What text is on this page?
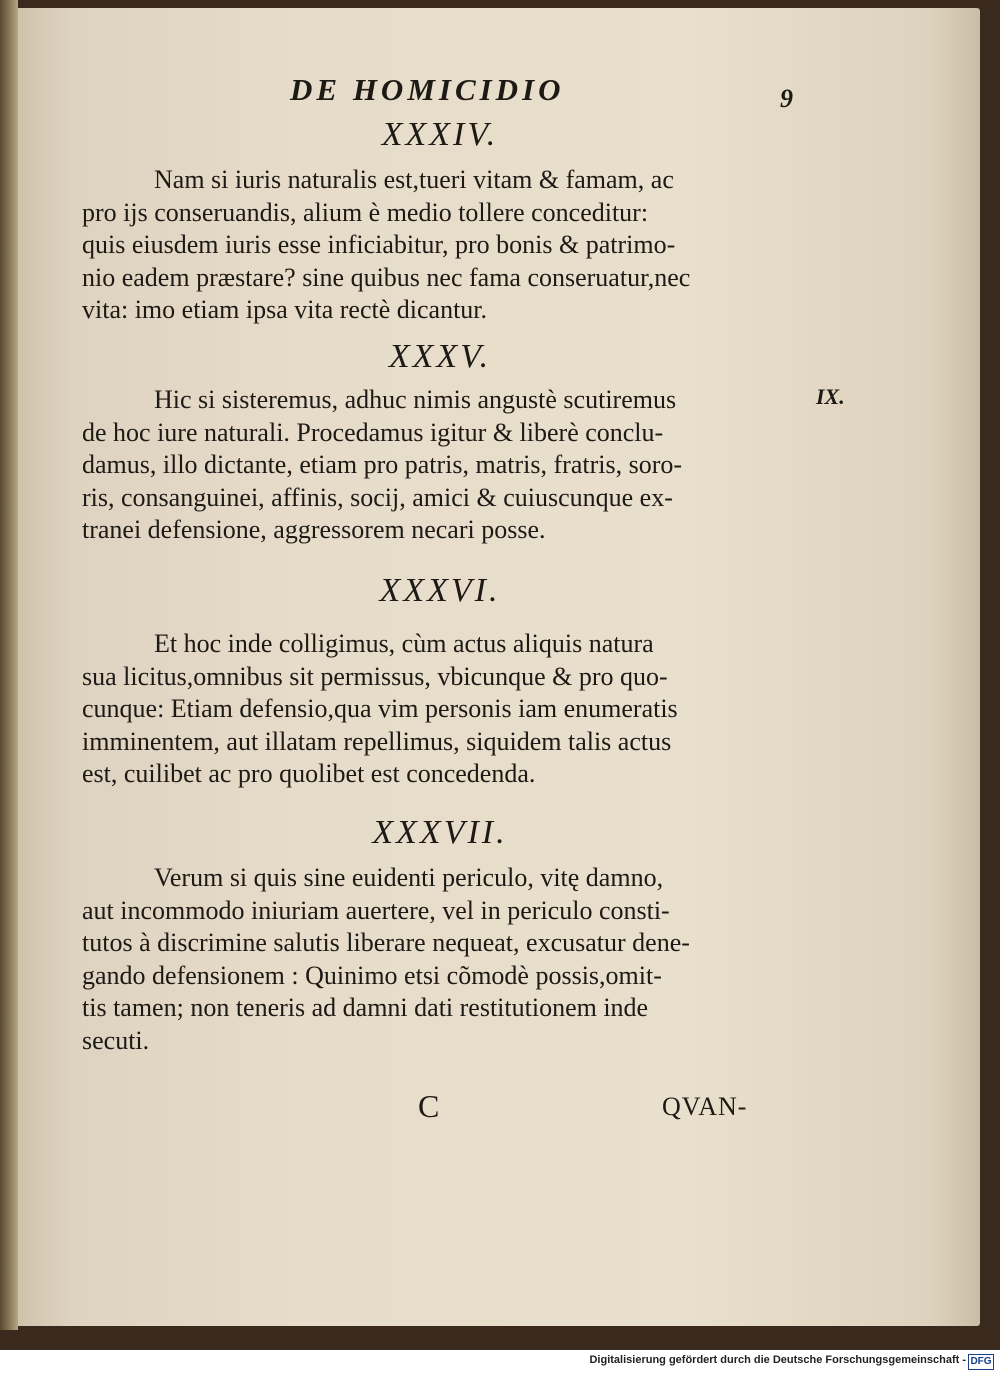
DE HOMICIDIO	9
IX.
XXXIV.
Nam si iuris naturalis est,tueri vitam & famam, ac
pro ijs conseruandis, alium è medio tollere conceditur:
quis eiusdem iuris esse inficiabitur, pro bonis & patrimo-
nio eadem præstare? sine quibus nec fama conseruatur,nec
vita: imo etiam ipsa vita rectè dicantur.
XXXV.
Hic si sisteremus, adhuc nimis angustè scutiremus
de hoc iure naturali. Procedamus igitur & liberè conclu-
damus, illo dictante, etiam pro patris, matris, fratris, soro-
ris, consanguinei, affinis, socij, amici & cuiuscunque ex-
tranei defensione, aggressorem necari posse.
XXXVI.
Et hoc inde colligimus, cùm actus aliquis natura
sua licitus,omnibus sit permissus, vbicunque & pro quo-
cunque: Etiam defensio,qua vim personis iam enumeratis
imminentem, aut illatam repellimus, siquidem talis actus
est, cuilibet ac pro quolibet est concedenda.
XXXVII.
Verum si quis sine euidenti periculo, vitę damno,
aut incommodo iniuriam auertere, vel in periculo consti-
tutos à discrimine salutis liberare nequeat, excusatur dene-
gando defensionem : Quinimo etsi cõmodè possis,omit-
tis tamen; non teneris ad damni dati restitutionem inde
secuti.
C	QVAN-
Digitalisierung gefördert durch die Deutsche Forschungsgemeinschaft - DFG
